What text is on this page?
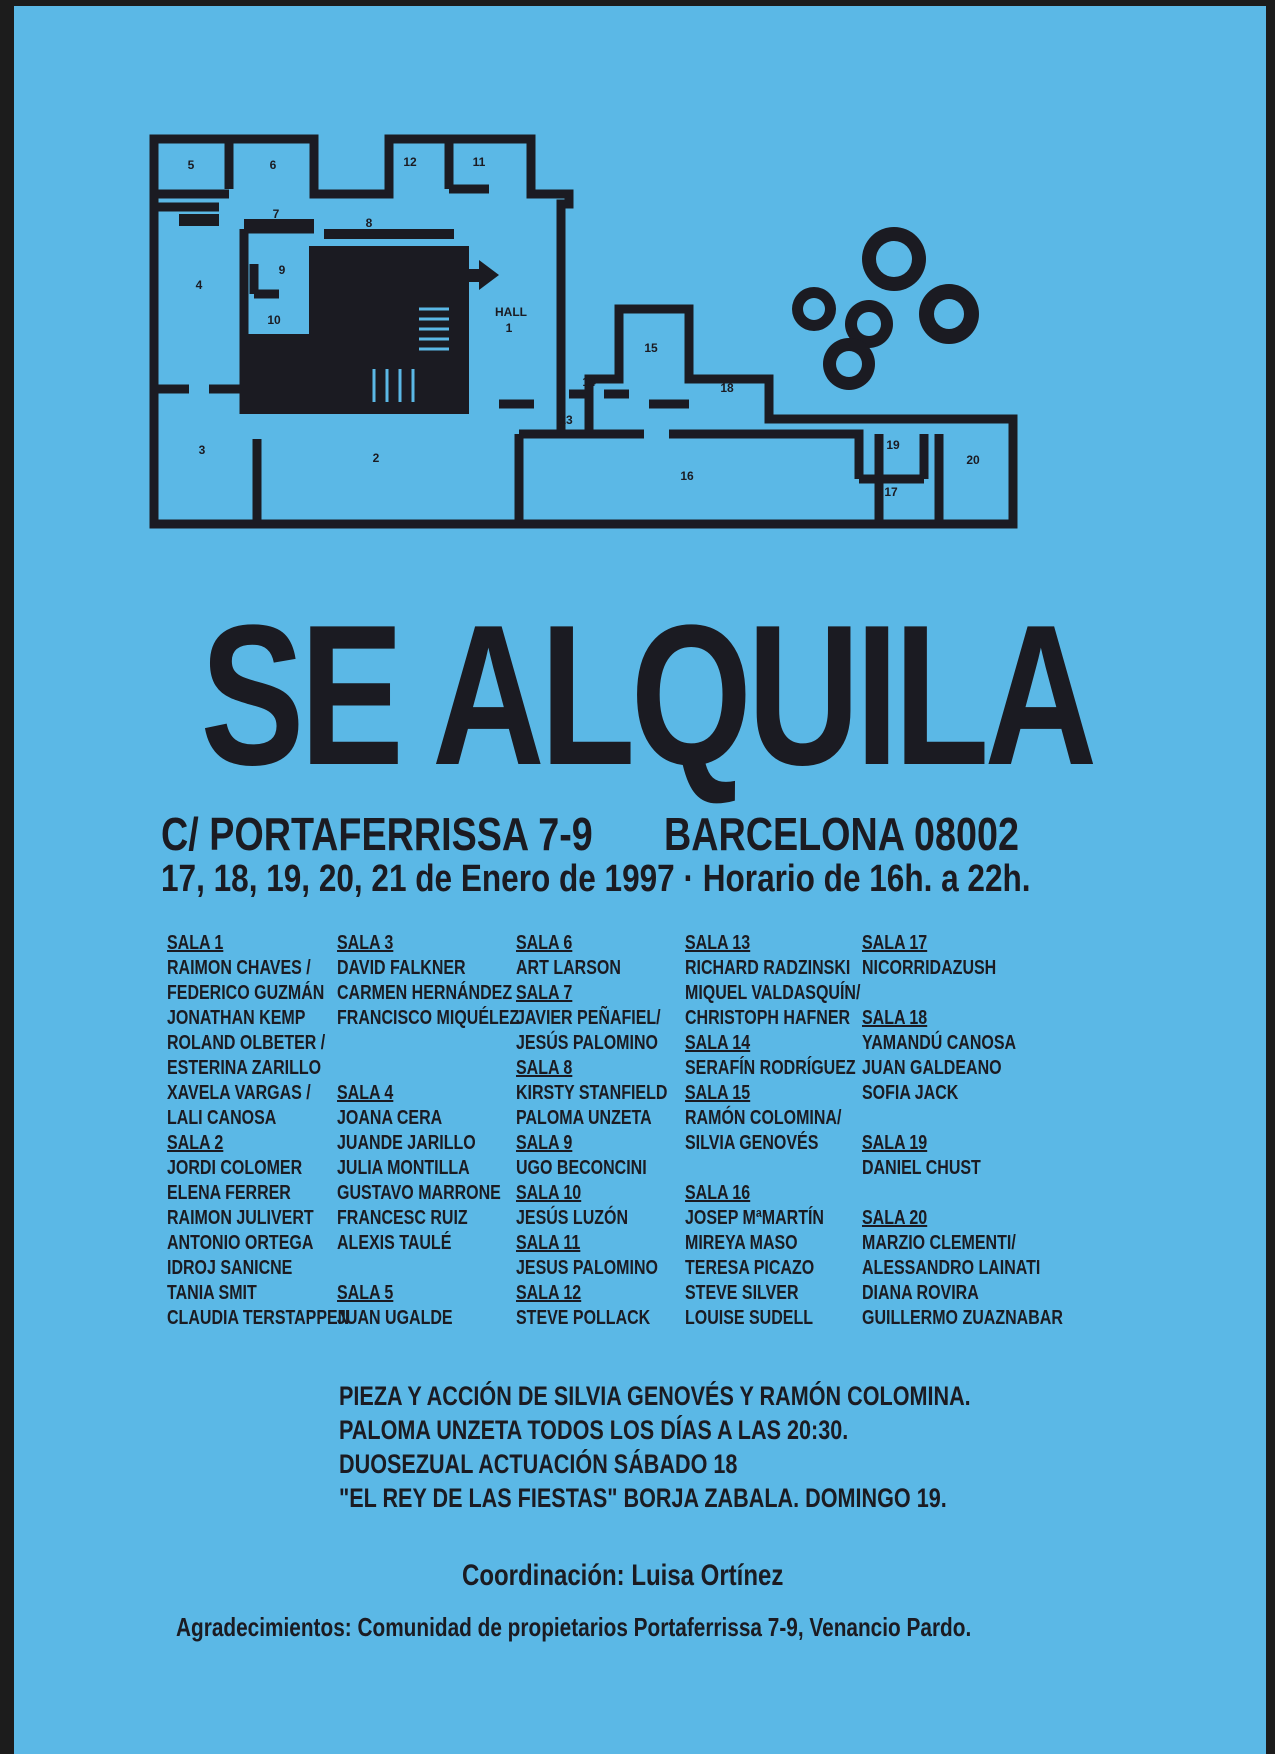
5	6	12	11
7
8
4
9
10
HALL
1
15
14	18
13
3
2
16
19
20
17
SE ALQUILA
C/ PORTAFERRISSA 7-9 BARCELONA 08002
17, 18, 19, 20, 21 de Enero de 1997 · Horario de 16h. a 22h.
SALA 1
RAIMON CHAVES /
FEDERICO GUZMÁN
JONATHAN KEMP
ROLAND OLBETER /
ESTERINA ZARILLO
XAVELA VARGAS /
LALI CANOSA
SALA 2
JORDI COLOMER
ELENA FERRER
RAIMON JULIVERT
ANTONIO ORTEGA
IDROJ SANICNE
TANIA SMIT
CLAUDIA TERSTAPPEN
SALA 3
DAVID FALKNER
CARMEN HERNÁNDEZ
FRANCISCO MIQUÉLEZ
SALA 4
JOANA CERA
JUANDE JARILLO
JULIA MONTILLA
GUSTAVO MARRONE
FRANCESC RUIZ
ALEXIS TAULÉ
SALA 5
JUAN UGALDE
SALA 6
ART LARSON
SALA 7
JAVIER PEÑAFIEL/
JESÚS PALOMINO
SALA 8
KIRSTY STANFIELD
PALOMA UNZETA
SALA 9
UGO BECONCINI
SALA 10
JESÚS LUZÓN
SALA 11
JESUS PALOMINO
SALA 12
STEVE POLLACK
SALA 13
RICHARD RADZINSKI
MIQUEL VALDASQUÍN/
CHRISTOPH HAFNER
SALA 14
SERAFÍN RODRÍGUEZ
SALA 15
RAMÓN COLOMINA/
SILVIA GENOVÉS
SALA 16
JOSEP MªMARTÍN
MIREYA MASO
TERESA PICAZO
STEVE SILVER
LOUISE SUDELL
SALA 17
NICORRIDAZUSH
SALA 18
YAMANDÚ CANOSA
JUAN GALDEANO
SOFIA JACK
SALA 19
DANIEL CHUST
SALA 20
MARZIO CLEMENTI/
ALESSANDRO LAINATI
DIANA ROVIRA
GUILLERMO ZUAZNABAR
PIEZA Y ACCIÓN DE SILVIA GENOVÉS Y RAMÓN COLOMINA.
PALOMA UNZETA TODOS LOS DÍAS A LAS 20:30.
DUOSEZUAL ACTUACIÓN SÁBADO 18
"EL REY DE LAS FIESTAS" BORJA ZABALA. DOMINGO 19.
Coordinación: Luisa Ortínez
Agradecimientos: Comunidad de propietarios Portaferrissa 7-9, Venancio Pardo.
